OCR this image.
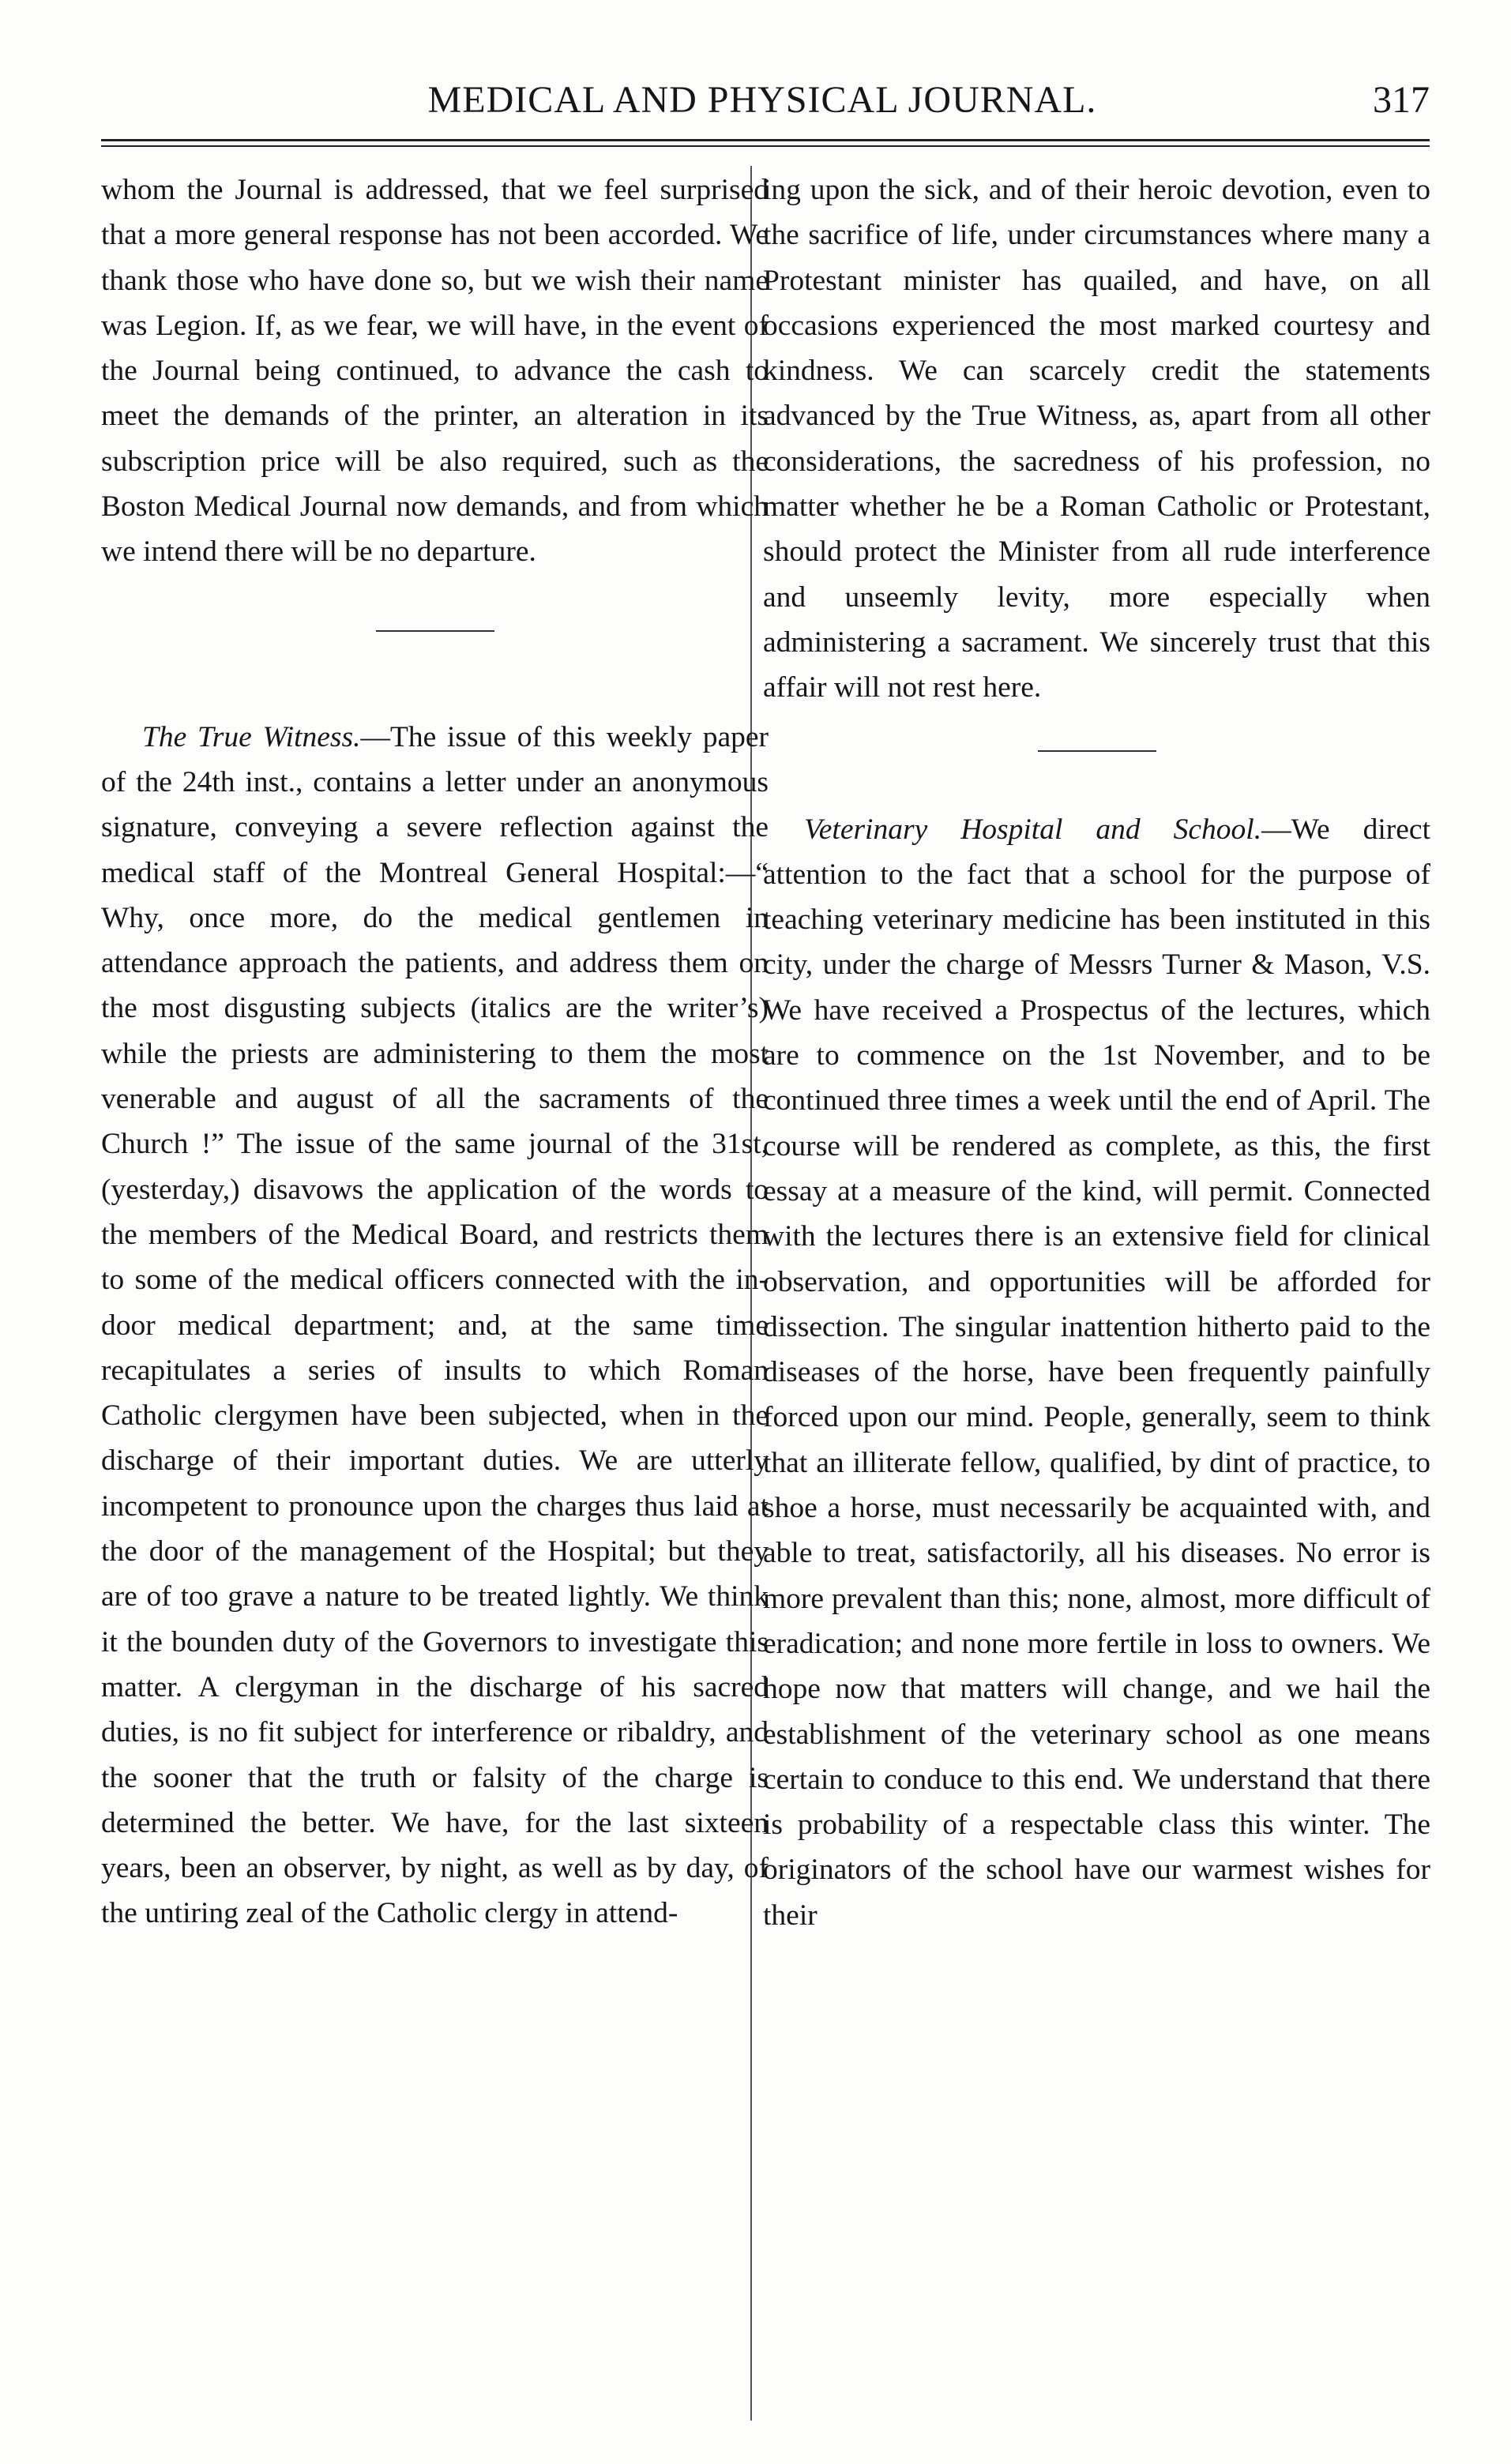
MEDICAL AND PHYSICAL JOURNAL.	317

whom the Journal is addressed, that we feel surprised that a more general response has not been accorded. We thank those who have done so, but we wish their name was Legion. If, as we fear, we will have, in the event of the Journal being continued, to advance the cash to meet the demands of the printer, an alteration in its subscription price will be also required, such as the Boston Medical Journal now demands, and from which we intend there will be no departure.

The True Witness.—The issue of this weekly paper of the 24th inst., contains a letter under an anonymous signature, conveying a severe reflection against the medical staff of the Montreal General Hospital:—“ Why, once more, do the medical gentlemen in attendance approach the patients, and address them on the most disgusting subjects (italics are the writer’s) while the priests are administering to them the most venerable and august of all the sacraments of the Church !” The issue of the same journal of the 31st, (yesterday,) disavows the application of the words to the members of the Medical Board, and restricts them to some of the medical officers connected with the in-door medical department; and, at the same time recapitulates a series of insults to which Roman Catholic clergymen have been subjected, when in the discharge of their important duties. We are utterly incompetent to pronounce upon the charges thus laid at the door of the management of the Hospital; but they are of too grave a nature to be treated lightly. We think it the bounden duty of the Governors to investigate this matter. A clergyman in the discharge of his sacred duties, is no fit subject for interference or ribaldry, and the sooner that the truth or falsity of the charge is determined the better. We have, for the last sixteen years, been an observer, by night, as well as by day, of the untiring zeal of the Catholic clergy in attend-

ing upon the sick, and of their heroic devotion, even to the sacrifice of life, under circumstances where many a Protestant minister has quailed, and have, on all occasions experienced the most marked courtesy and kindness. We can scarcely credit the statements advanced by the True Witness, as, apart from all other considerations, the sacredness of his profession, no matter whether he be a Roman Catholic or Protestant, should protect the Minister from all rude interference and unseemly levity, more especially when administering a sacrament. We sincerely trust that this affair will not rest here.

Veterinary Hospital and School.—We direct attention to the fact that a school for the purpose of teaching veterinary medicine has been instituted in this city, under the charge of Messrs Turner & Mason, V.S. We have received a Prospectus of the lectures, which are to commence on the 1st November, and to be continued three times a week until the end of April. The course will be rendered as complete, as this, the first essay at a measure of the kind, will permit. Connected with the lectures there is an extensive field for clinical observation, and opportunities will be afforded for dissection. The singular inattention hitherto paid to the diseases of the horse, have been frequently painfully forced upon our mind. People, generally, seem to think that an illiterate fellow, qualified, by dint of practice, to shoe a horse, must necessarily be acquainted with, and able to treat, satisfactorily, all his diseases. No error is more prevalent than this; none, almost, more difficult of eradication; and none more fertile in loss to owners. We hope now that matters will change, and we hail the establishment of the veterinary school as one means certain to conduce to this end. We understand that there is probability of a respectable class this winter. The originators of the school have our warmest wishes for their
